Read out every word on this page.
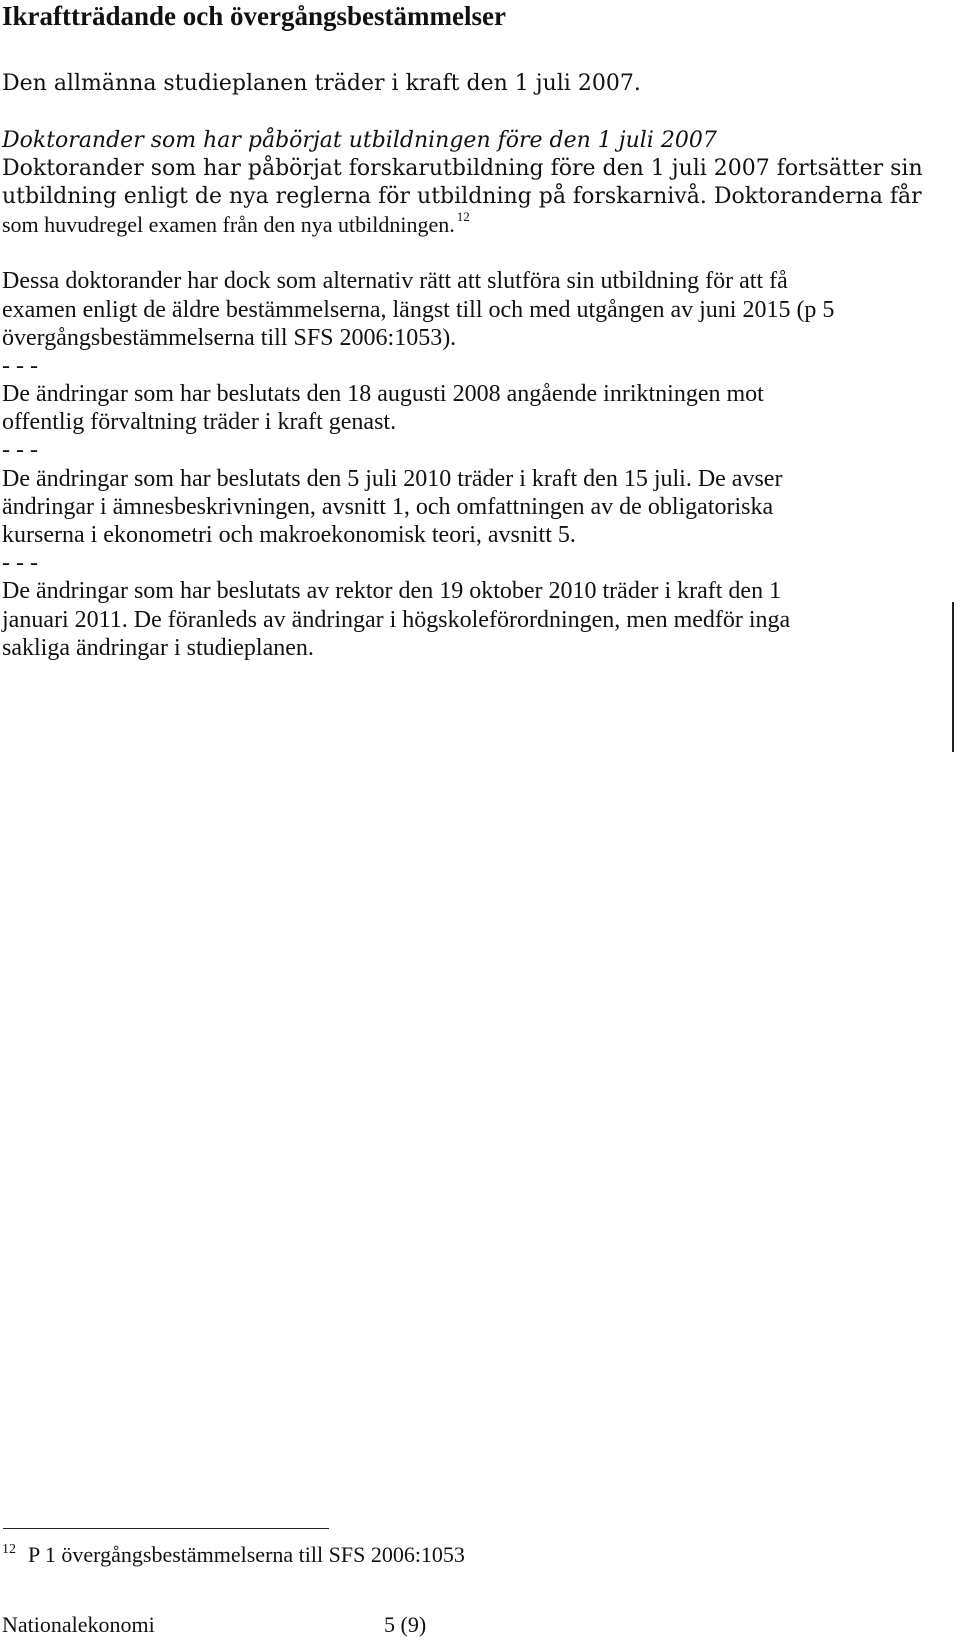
Ikraftträdande och övergångsbestämmelser

Den allmänna studieplanen träder i kraft den 1 juli 2007.

Doktorander som har påbörjat utbildningen före den 1 juli 2007

Doktorander som har påbörjat forskarutbildning före den 1 juli 2007 fortsätter sin

utbildning enligt de nya reglerna för utbildning på forskarnivå. Doktoranderna får

som huvudregel examen från den nya utbildningen. $^{12}$

Dessa doktorander har dock som alternativ rätt att slutföra sin utbildning för att få

examen enligt de äldre bestämmelserna, längst till och med utgången av juni 2015 (p 5

övergångsbestämmelserna till SFS 2006:1053).

- - -

De ändringar som har beslutats den 18 augusti 2008 angående inriktningen mot

offentlig förvaltning träder i kraft genast.

- - -

De ändringar som har beslutats den 5 juli 2010 träder i kraft den 15 juli. De avser

ändringar i ämnesbeskrivningen, avsnitt 1, och omfattningen av de obligatoriska

kurserna i ekonometri och makroekonomisk teori, avsnitt 5.

- - -

De ändringar som har beslutats av rektor den 19 oktober 2010 träder i kraft den 1

januari 2011. De föranleds av ändringar i högskoleförordningen, men medför inga

sakliga ändringar i studieplanen.

12 P 1 övergångsbestämmelserna till SFS 2006:1053
Nationalekonomi	5 (9)
